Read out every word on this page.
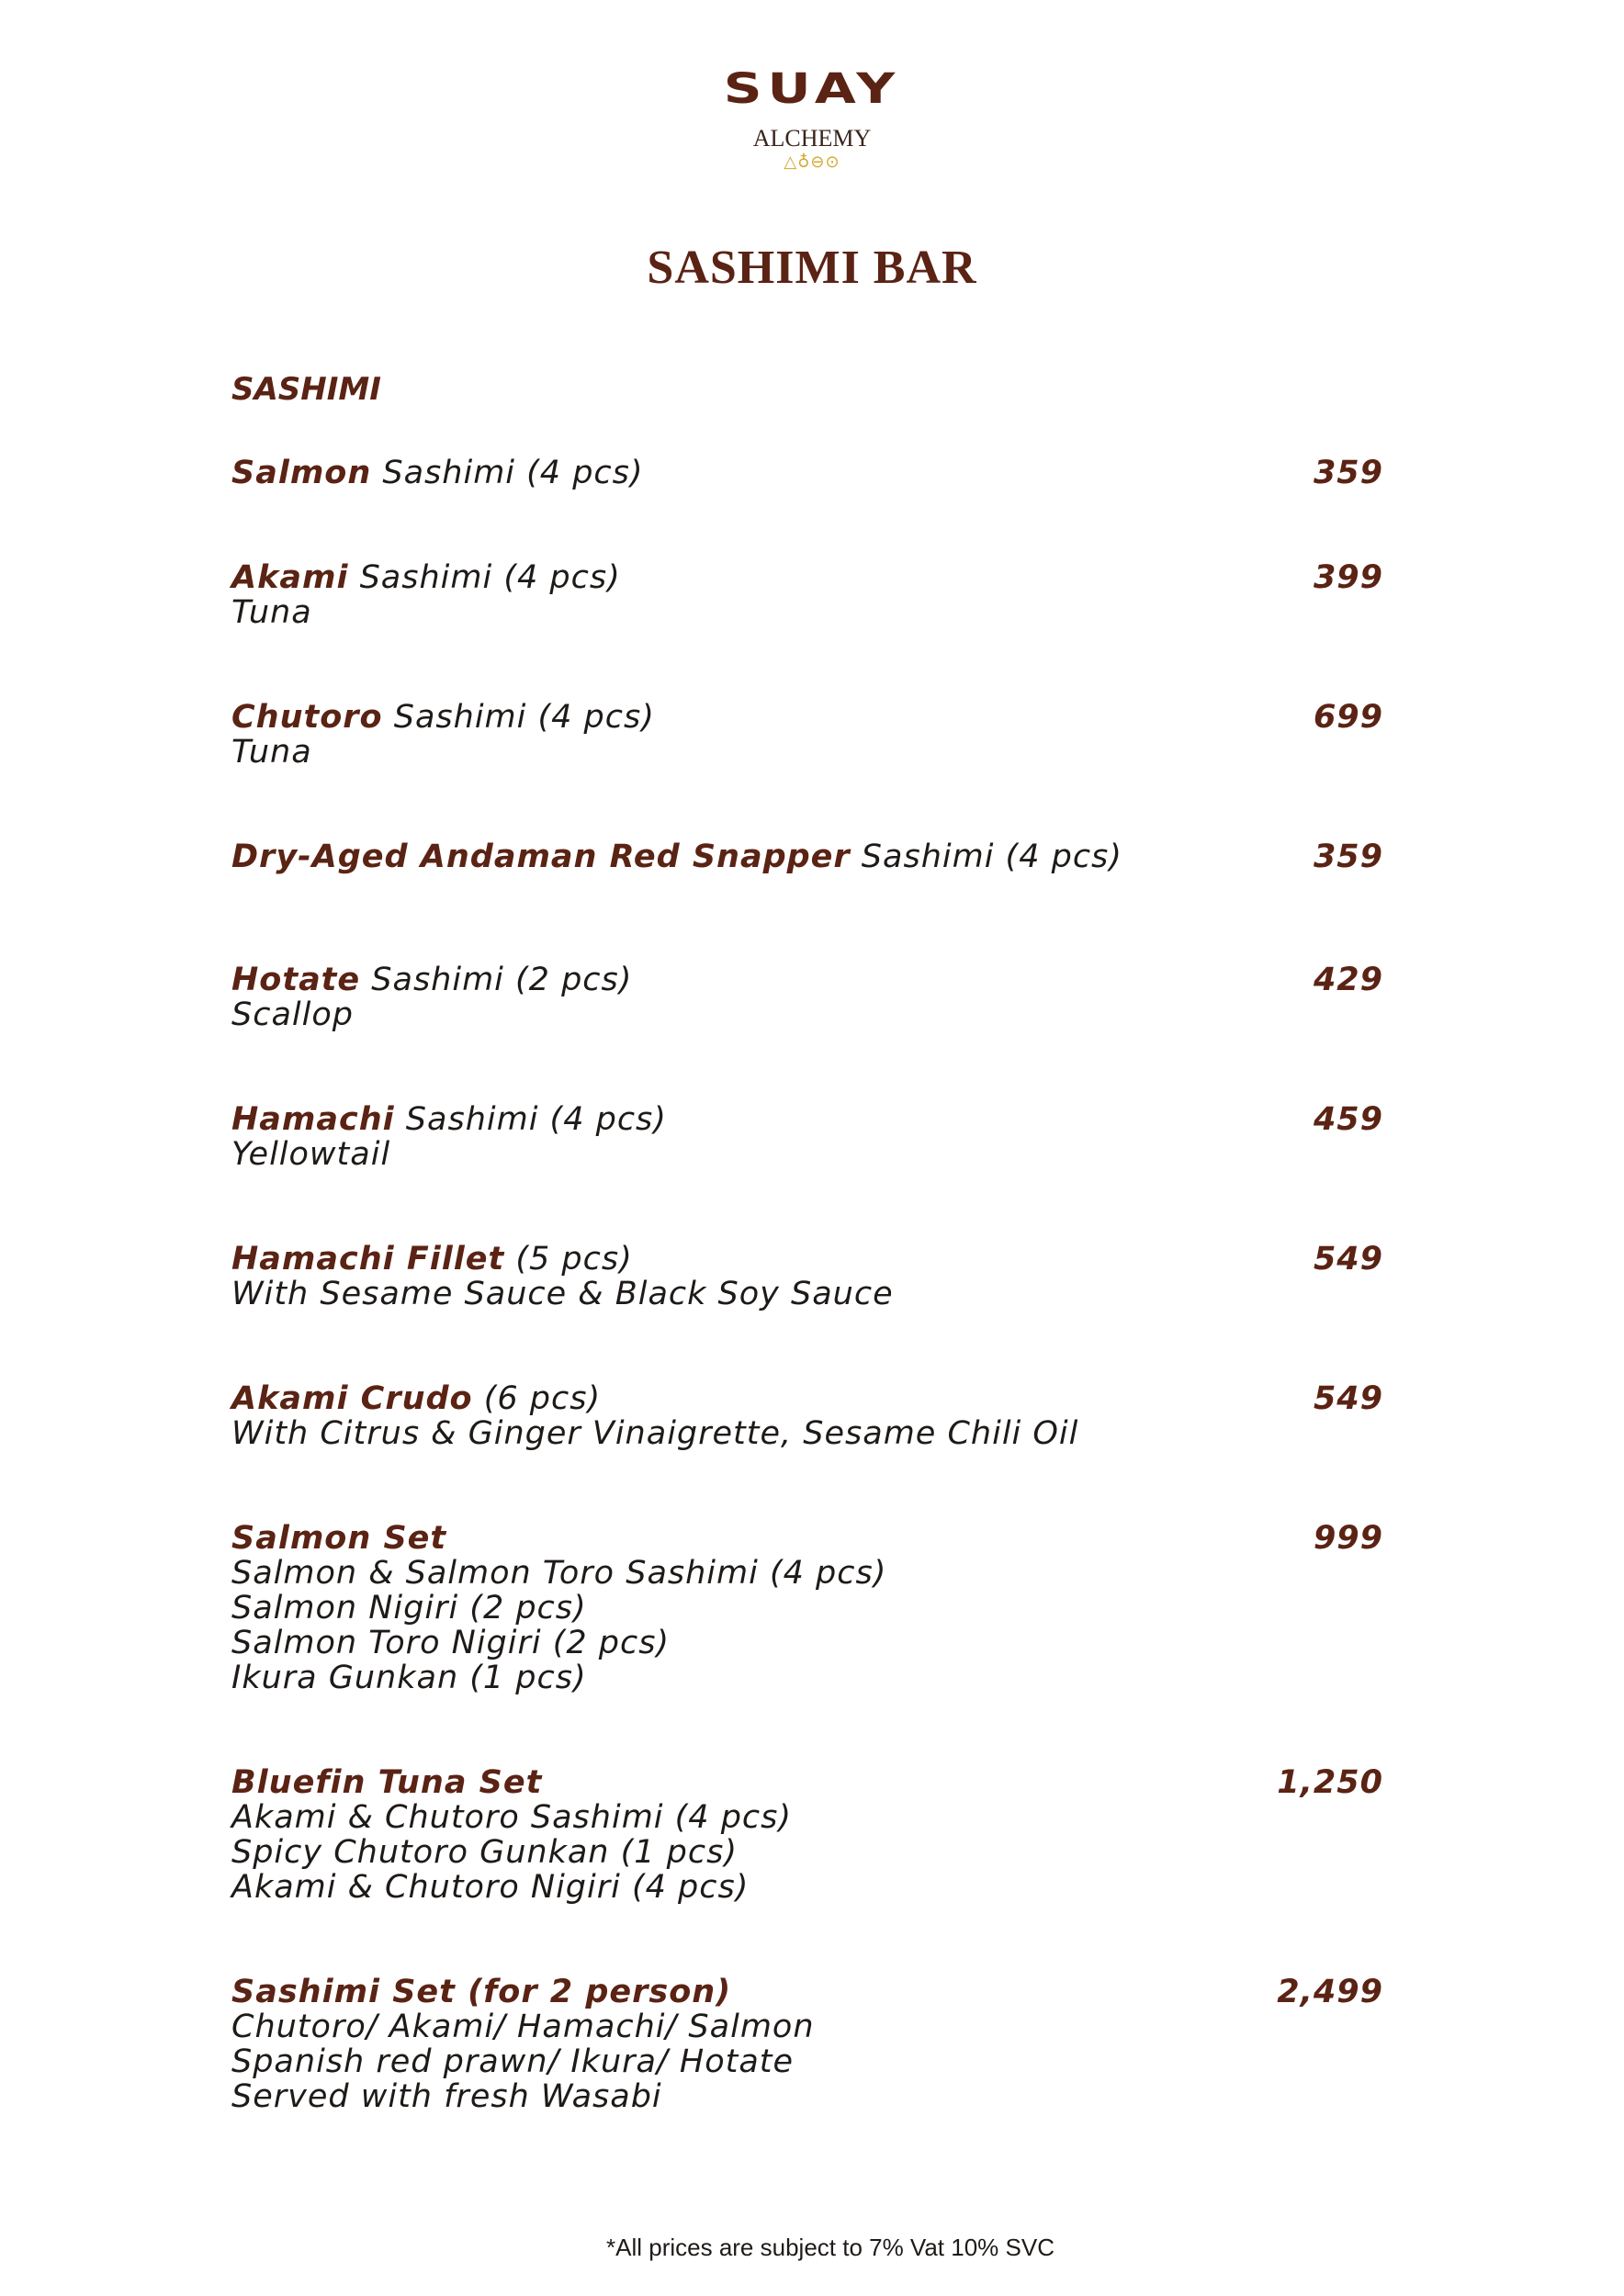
SUAY
ALCHEMY
△♁⊖⊙
SASHIMI BAR
SASHIMI
Salmon Sashimi (4 pcs)	359
Akami Sashimi (4 pcs)
Tuna
399
Chutoro Sashimi (4 pcs)
Tuna
699
Dry-Aged Andaman Red Snapper Sashimi (4 pcs)	359
Hotate Sashimi (2 pcs)
Scallop
429
Hamachi Sashimi (4 pcs)
Yellowtail
459
Hamachi Fillet (5 pcs)
With Sesame Sauce & Black Soy Sauce
549
Akami Crudo (6 pcs)
With Citrus & Ginger Vinaigrette, Sesame Chili Oil
549
Salmon Set
Salmon & Salmon Toro Sashimi (4 pcs)
Salmon Nigiri (2 pcs)
Salmon Toro Nigiri (2 pcs)
Ikura Gunkan (1 pcs)
999
Bluefin Tuna Set
Akami & Chutoro Sashimi (4 pcs)
Spicy Chutoro Gunkan (1 pcs)
Akami & Chutoro Nigiri (4 pcs)
1,250
Sashimi Set (for 2 person)
Chutoro/ Akami/ Hamachi/ Salmon
Spanish red prawn/ Ikura/ Hotate
Served with fresh Wasabi
2,499
*All prices are subject to 7% Vat 10% SVC
